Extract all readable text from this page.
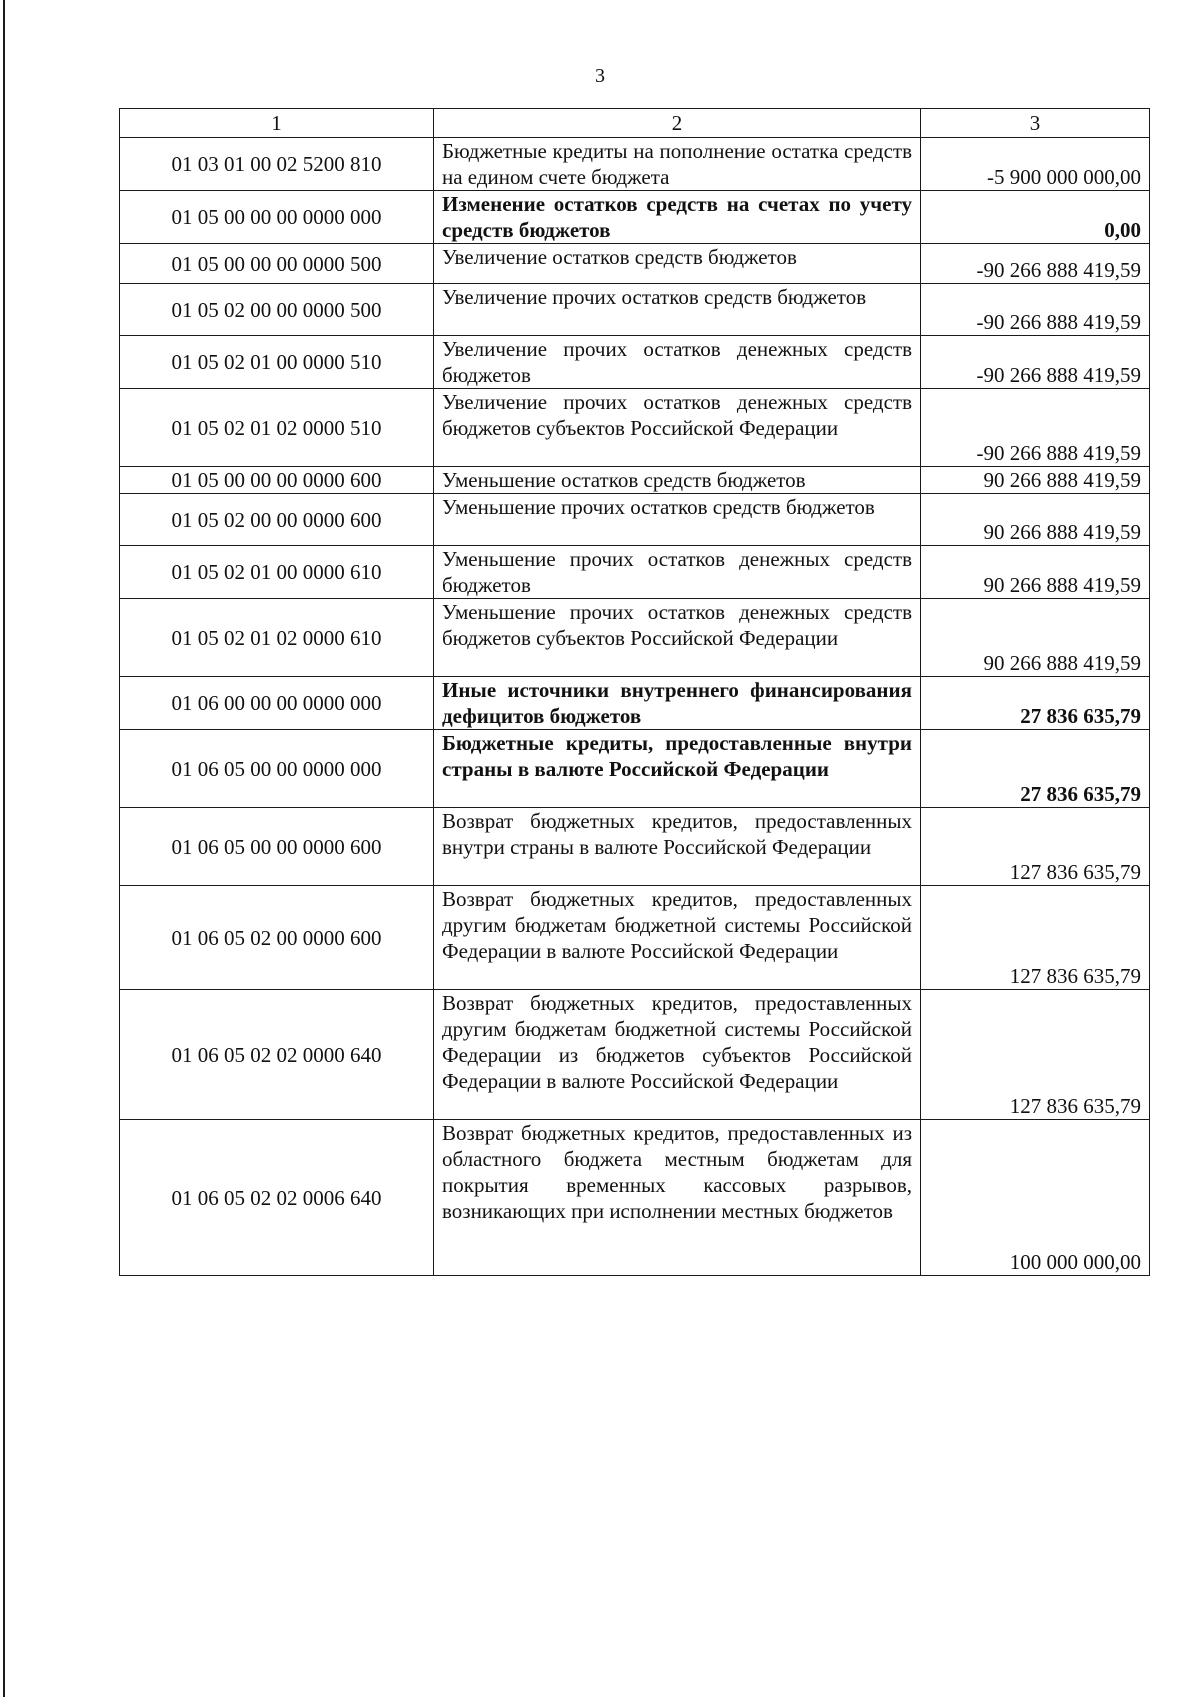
3
1	2	3
01 03 01 00 02 5200 810	Бюджетные кредиты на пополнение остатка средств на едином счете бюджета	-5 900 000 000,00
01 05 00 00 00 0000 000	Изменение остатков средств на счетах по учету средств бюджетов	0,00
01 05 00 00 00 0000 500	Увеличение остатков средств бюджетов	-90 266 888 419,59
01 05 02 00 00 0000 500	Увеличение прочих остатков средств бюджетов	-90 266 888 419,59
01 05 02 01 00 0000 510	Увеличение прочих остатков денежных средств бюджетов	-90 266 888 419,59
01 05 02 01 02 0000 510	Увеличение прочих остатков денежных средств бюджетов субъектов Российской Федерации	-90 266 888 419,59
01 05 00 00 00 0000 600	Уменьшение остатков средств бюджетов	90 266 888 419,59
01 05 02 00 00 0000 600	Уменьшение прочих остатков средств бюджетов	90 266 888 419,59
01 05 02 01 00 0000 610	Уменьшение прочих остатков денежных средств бюджетов	90 266 888 419,59
01 05 02 01 02 0000 610	Уменьшение прочих остатков денежных средств бюджетов субъектов Российской Федерации	90 266 888 419,59
01 06 00 00 00 0000 000	Иные источники внутреннего финансирования дефицитов бюджетов	27 836 635,79
01 06 05 00 00 0000 000	Бюджетные кредиты, предоставленные внутри страны в валюте Российской Федерации	27 836 635,79
01 06 05 00 00 0000 600	Возврат бюджетных кредитов, предоставленных внутри страны в валюте Российской Федерации	127 836 635,79
01 06 05 02 00 0000 600	Возврат бюджетных кредитов, предоставленных другим бюджетам бюджетной системы Российской Федерации в валюте Российской Федерации	127 836 635,79
01 06 05 02 02 0000 640	Возврат бюджетных кредитов, предоставленных другим бюджетам бюджетной системы Российской Федерации из бюджетов субъектов Российской Федерации в валюте Российской Федерации	127 836 635,79
01 06 05 02 02 0006 640	Возврат бюджетных кредитов, предоставленных из областного бюджета местным бюджетам для покрытия временных кассовых разрывов, возникающих при исполнении местных бюджетов	100 000 000,00
